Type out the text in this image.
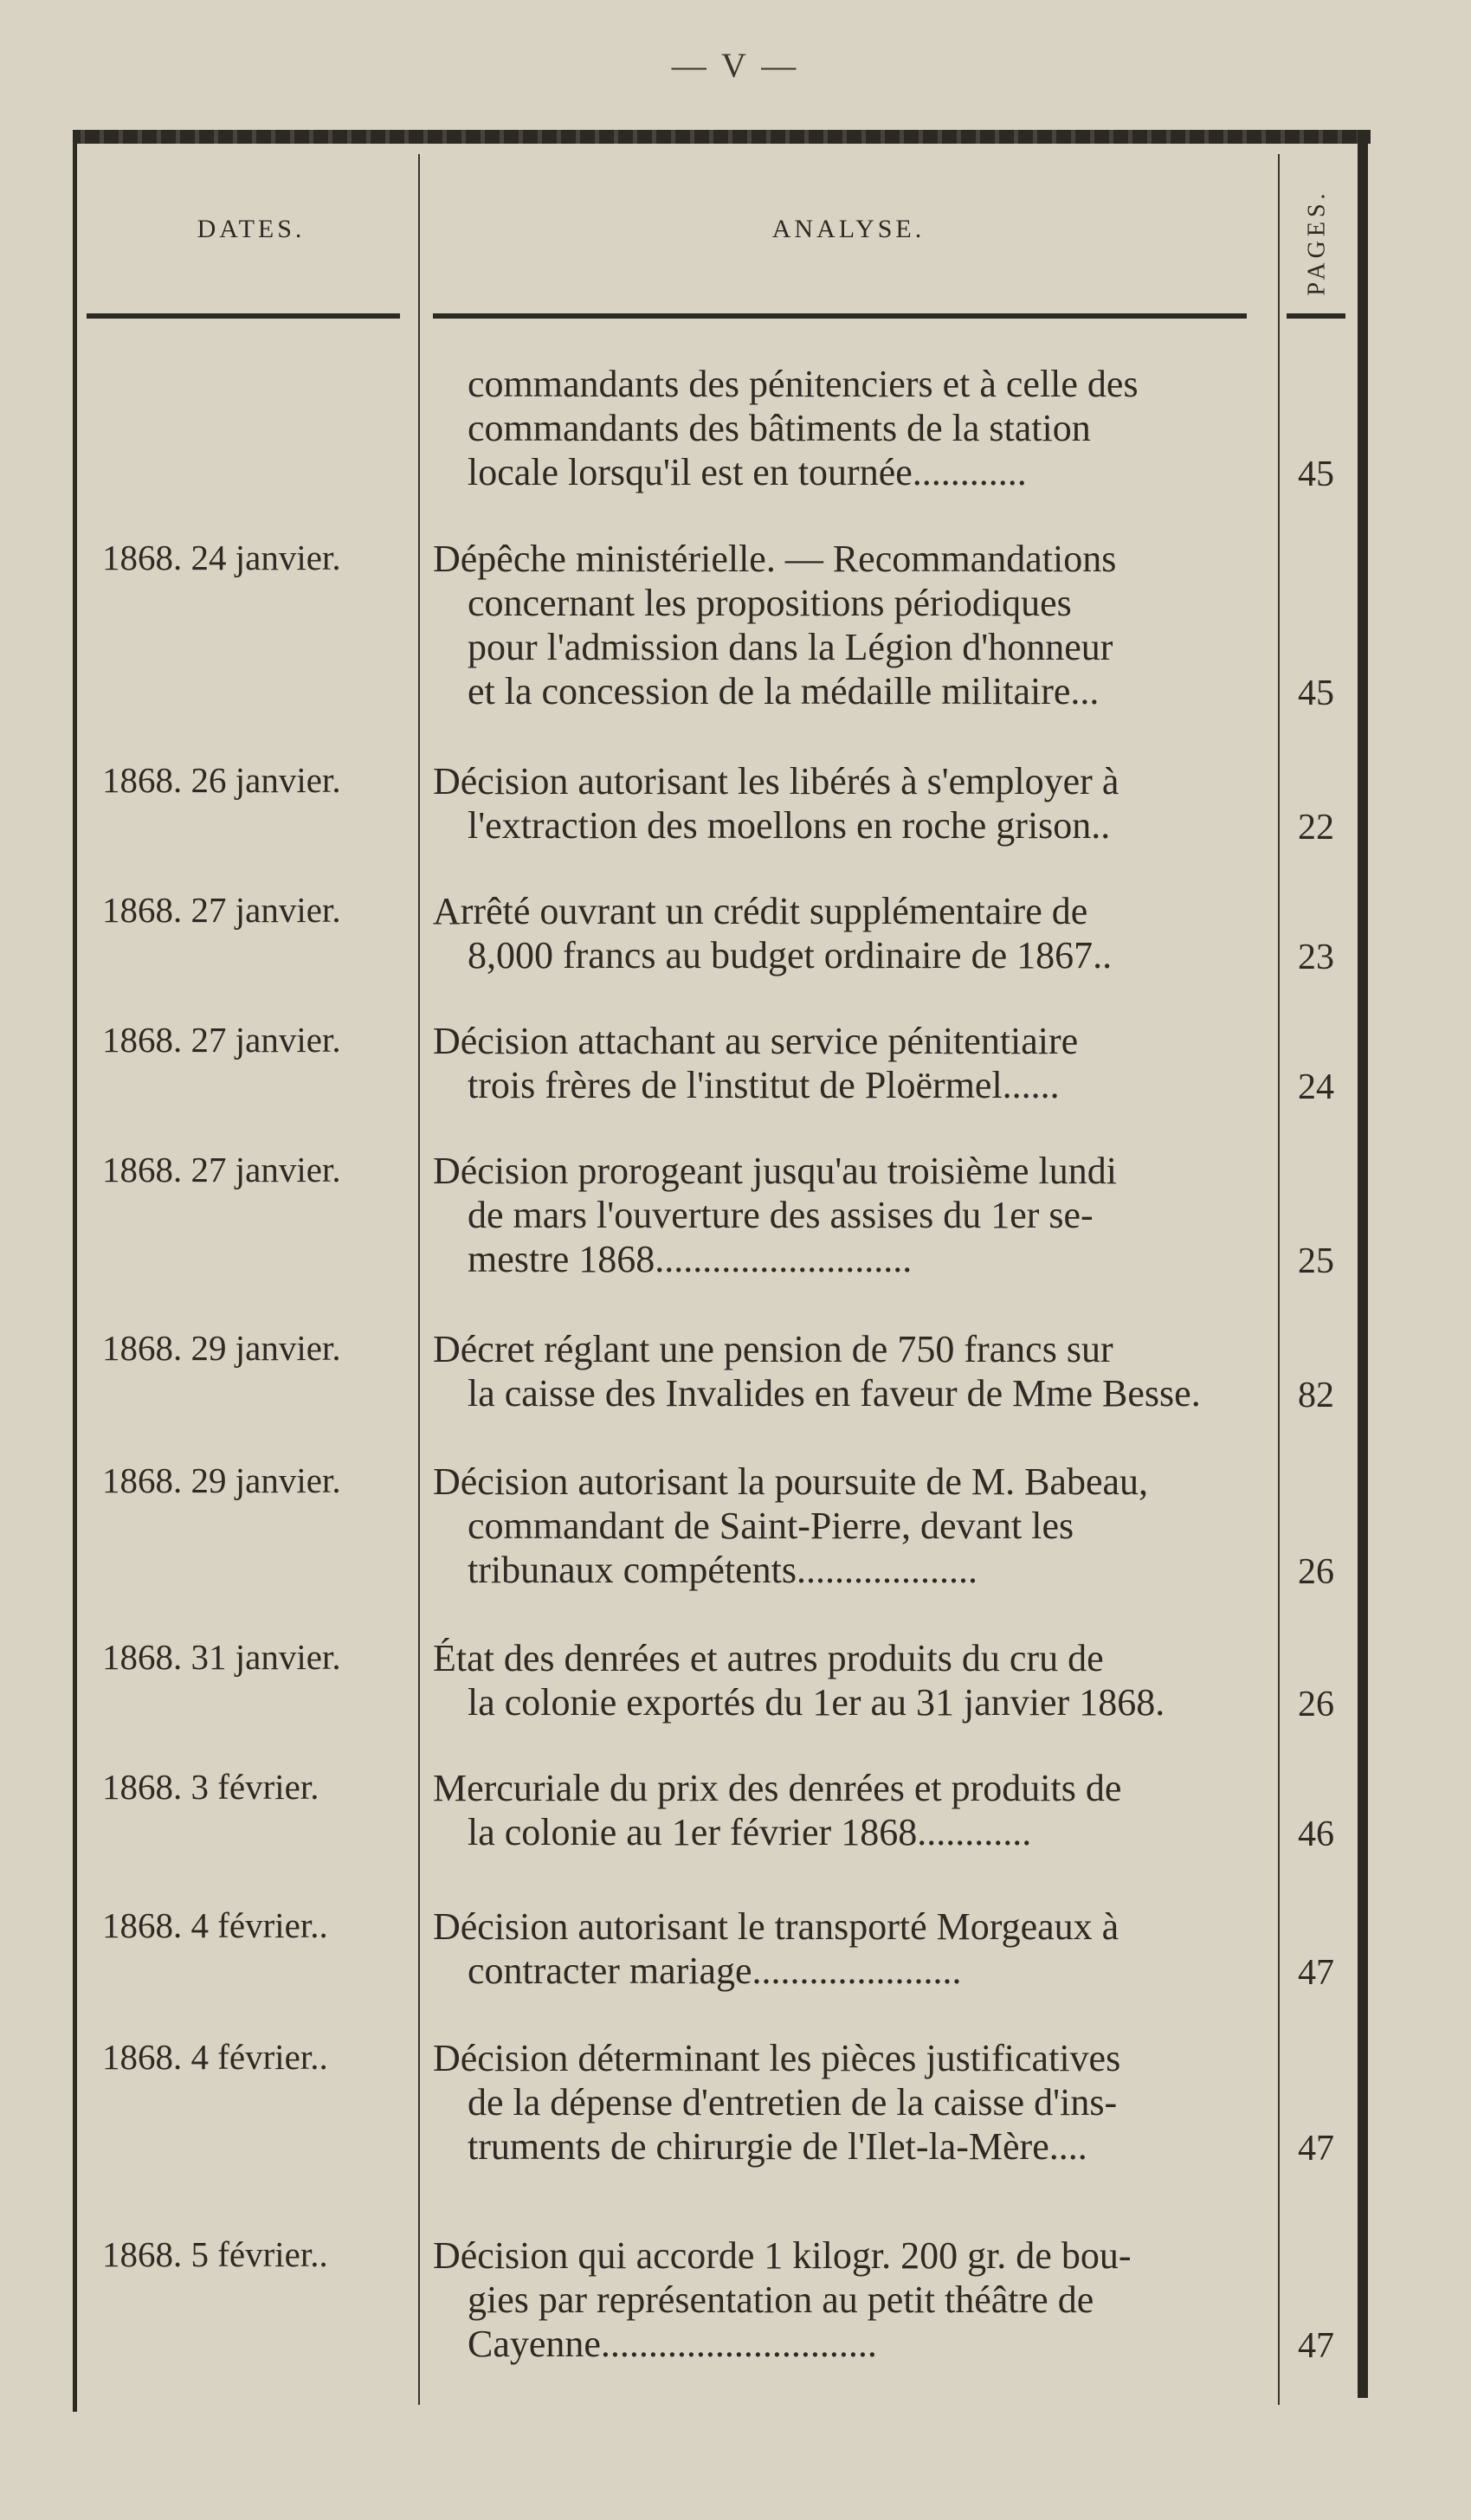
— V —
DATES.	ANALYSE.	PAGES.
commandants des pénitenciers et à celle des
commandants des bâtiments de la station
locale lorsqu'il est en tournée............	45
1868. 24 janvier.	Dépêche ministérielle. — Recommandations
concernant les propositions périodiques
pour l'admission dans la Légion d'honneur
et la concession de la médaille militaire...	45
1868. 26 janvier.	Décision autorisant les libérés à s'employer à
l'extraction des moellons en roche grison..	22
1868. 27 janvier.	Arrêté ouvrant un crédit supplémentaire de
8,000 francs au budget ordinaire de 1867..	23
1868. 27 janvier.	Décision attachant au service pénitentiaire
trois frères de l'institut de Ploërmel......	24
1868. 27 janvier.	Décision prorogeant jusqu'au troisième lundi
de mars l'ouverture des assises du 1er se-
mestre 1868...........................	25
1868. 29 janvier.	Décret réglant une pension de 750 francs sur
la caisse des Invalides en faveur de Mme Besse.	82
1868. 29 janvier.	Décision autorisant la poursuite de M. Babeau,
commandant de Saint-Pierre, devant les
tribunaux compétents...................	26
1868. 31 janvier.	État des denrées et autres produits du cru de
la colonie exportés du 1er au 31 janvier 1868.	26
1868. 3 février.	Mercuriale du prix des denrées et produits de
la colonie au 1er février 1868............	46
1868. 4 février..	Décision autorisant le transporté Morgeaux à
contracter mariage......................	47
1868. 4 février..	Décision déterminant les pièces justificatives
de la dépense d'entretien de la caisse d'ins-
truments de chirurgie de l'Ilet-la-Mère....	47
1868. 5 février..	Décision qui accorde 1 kilogr. 200 gr. de bou-
gies par représentation au petit théâtre de
Cayenne.............................	47
